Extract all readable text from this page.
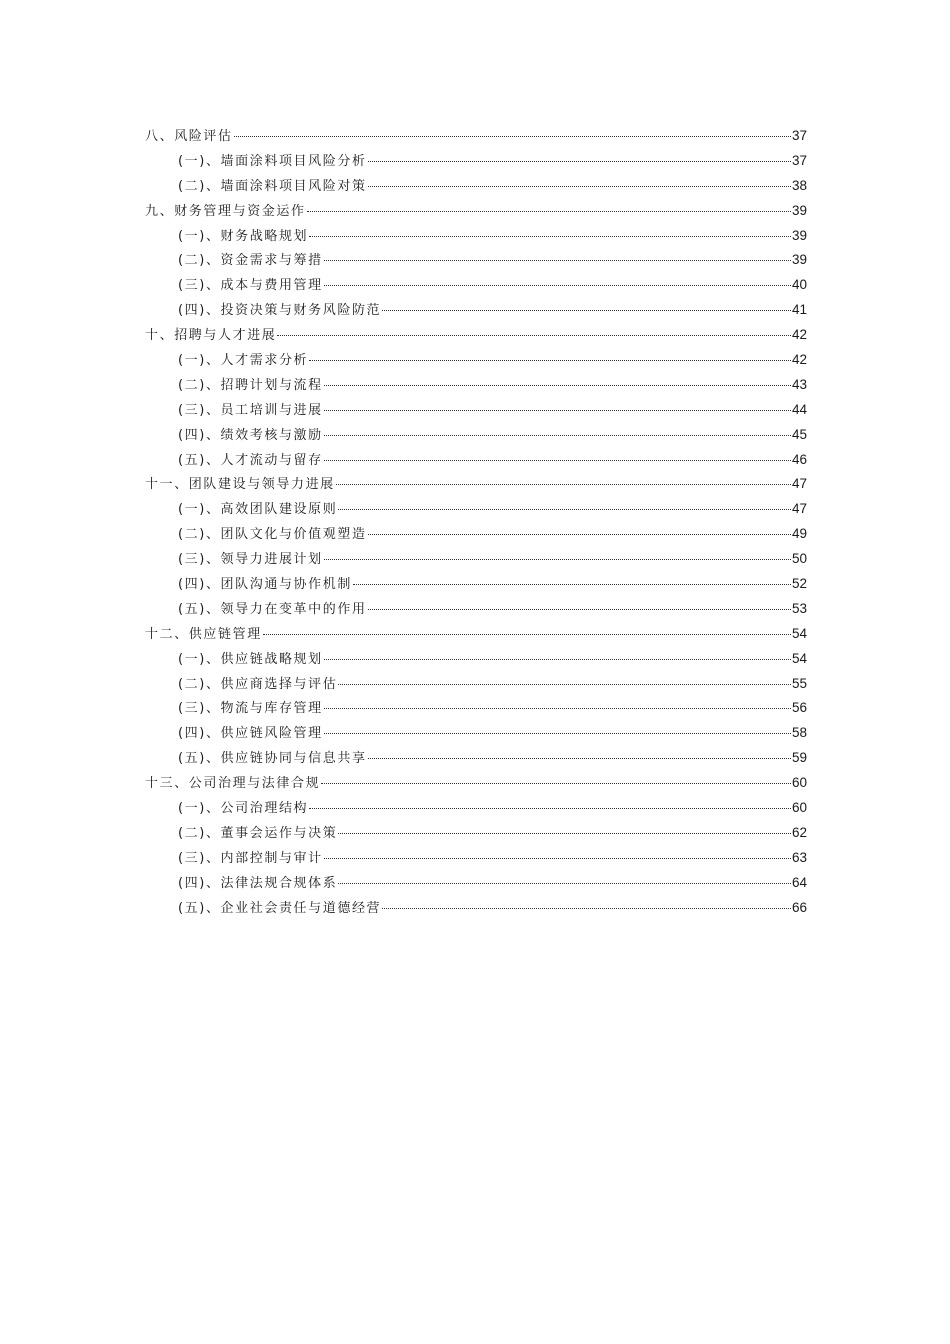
八、风险评估	37
(一)、墙面涂料项目风险分析	37
(二)、墙面涂料项目风险对策	38
九、财务管理与资金运作	39
(一)、财务战略规划	39
(二)、资金需求与筹措	39
(三)、成本与费用管理	40
(四)、投资决策与财务风险防范	41
十、招聘与人才进展	42
(一)、人才需求分析	42
(二)、招聘计划与流程	43
(三)、员工培训与进展	44
(四)、绩效考核与激励	45
(五)、人才流动与留存	46
十一、团队建设与领导力进展	47
(一)、高效团队建设原则	47
(二)、团队文化与价值观塑造	49
(三)、领导力进展计划	50
(四)、团队沟通与协作机制	52
(五)、领导力在变革中的作用	53
十二、供应链管理	54
(一)、供应链战略规划	54
(二)、供应商选择与评估	55
(三)、物流与库存管理	56
(四)、供应链风险管理	58
(五)、供应链协同与信息共享	59
十三、公司治理与法律合规	60
(一)、公司治理结构	60
(二)、董事会运作与决策	62
(三)、内部控制与审计	63
(四)、法律法规合规体系	64
(五)、企业社会责任与道德经营	66
